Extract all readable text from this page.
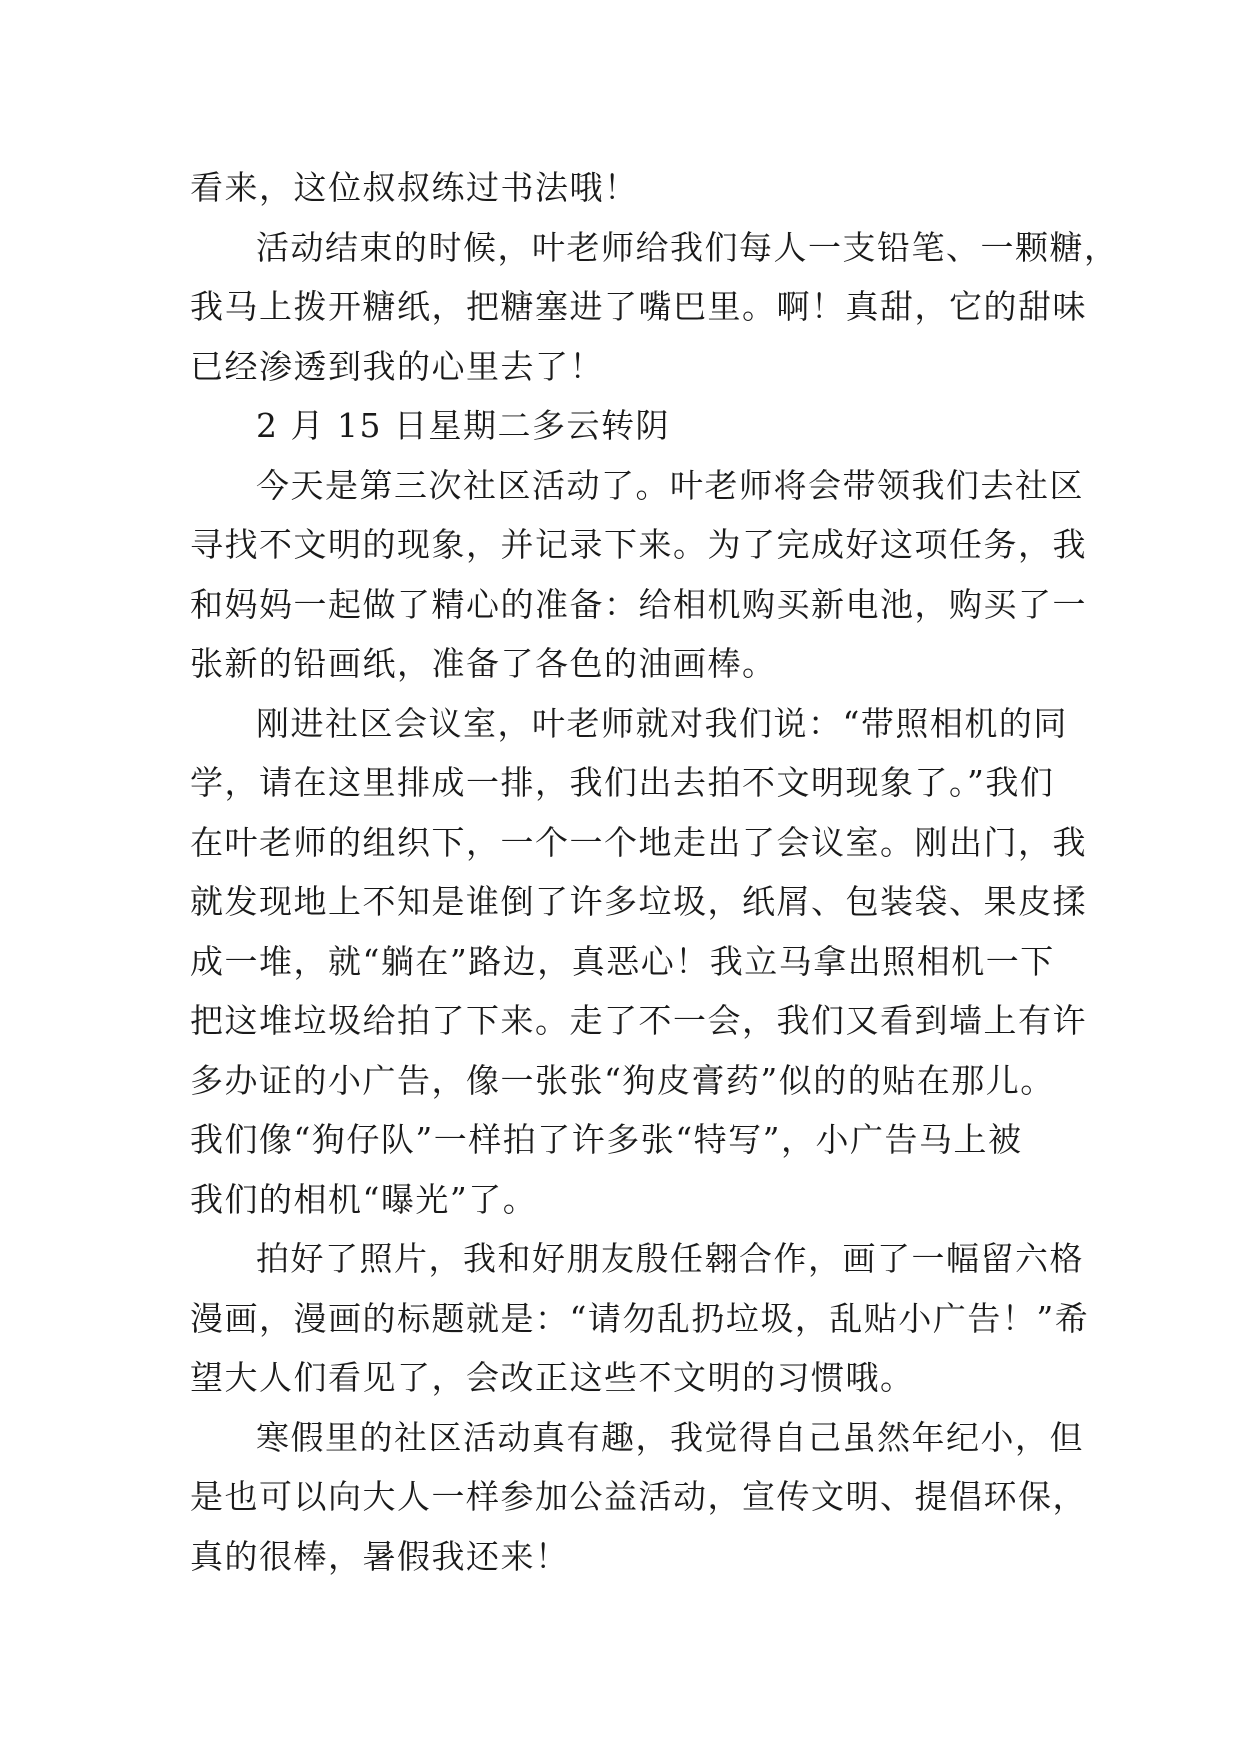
看来，这位叔叔练过书法哦！
活动结束的时候，叶老师给我们每人一支铅笔、一颗糖，
我马上拨开糖纸，把糖塞进了嘴巴里。啊！真甜，它的甜味
已经渗透到我的心里去了！
2 月 15 日星期二多云转阴
今天是第三次社区活动了。叶老师将会带领我们去社区
寻找不文明的现象，并记录下来。为了完成好这项任务，我
和妈妈一起做了精心的准备：给相机购买新电池，购买了一
张新的铅画纸，准备了各色的油画棒。
刚进社区会议室，叶老师就对我们说：“带照相机的同
学，请在这里排成一排，我们出去拍不文明现象了。”我们
在叶老师的组织下，一个一个地走出了会议室。刚出门，我
就发现地上不知是谁倒了许多垃圾，纸屑、包装袋、果皮揉
成一堆，就“躺在”路边，真恶心！我立马拿出照相机一下
把这堆垃圾给拍了下来。走了不一会，我们又看到墙上有许
多办证的小广告，像一张张“狗皮膏药”似的的贴在那儿。
我们像“狗仔队”一样拍了许多张“特写”，小广告马上被
我们的相机“曝光”了。
拍好了照片，我和好朋友殷任翱合作，画了一幅留六格
漫画，漫画的标题就是：“请勿乱扔垃圾，乱贴小广告！”希
望大人们看见了，会改正这些不文明的习惯哦。
寒假里的社区活动真有趣，我觉得自己虽然年纪小，但
是也可以向大人一样参加公益活动，宣传文明、提倡环保，
真的很棒，暑假我还来！
